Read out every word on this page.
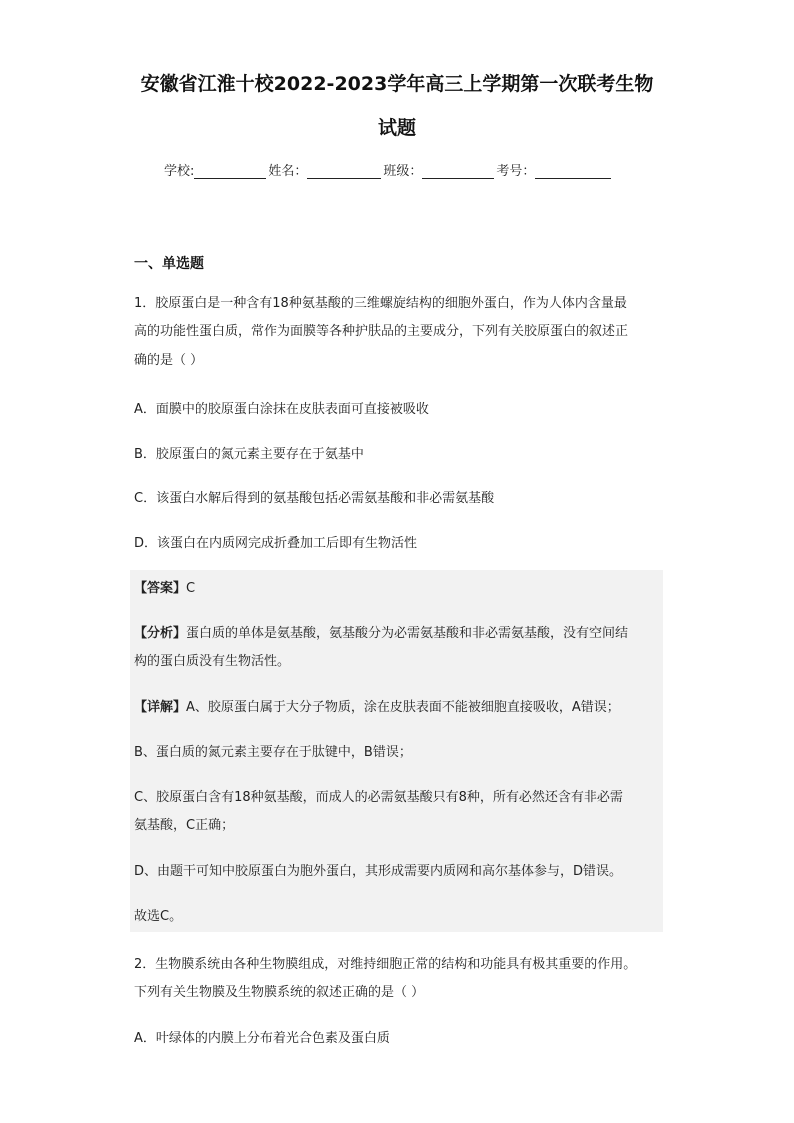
安徽省江淮十校2022-2023学年高三上学期第一次联考生物
试题
学校:	姓名：	班级：	考号：
一、单选题
1．胶原蛋白是一种含有18种氨基酸的三维螺旋结构的细胞外蛋白，作为人体内含量最
高的功能性蛋白质，常作为面膜等各种护肤品的主要成分，下列有关胶原蛋白的叙述正
确的是（ ）
A．面膜中的胶原蛋白涂抹在皮肤表面可直接被吸收
B．胶原蛋白的氮元素主要存在于氨基中
C．该蛋白水解后得到的氨基酸包括必需氨基酸和非必需氨基酸
D．该蛋白在内质网完成折叠加工后即有生物活性
【答案】C
【分析】蛋白质的单体是氨基酸，氨基酸分为必需氨基酸和非必需氨基酸，没有空间结
构的蛋白质没有生物活性。
【详解】A、胶原蛋白属于大分子物质，涂在皮肤表面不能被细胞直接吸收，A错误；
B、蛋白质的氮元素主要存在于肽键中，B错误；
C、胶原蛋白含有18种氨基酸，而成人的必需氨基酸只有8种，所有必然还含有非必需
氨基酸，C正确；
D、由题干可知中胶原蛋白为胞外蛋白，其形成需要内质网和高尔基体参与，D错误。
故选C。
2．生物膜系统由各种生物膜组成，对维持细胞正常的结构和功能具有极其重要的作用。
下列有关生物膜及生物膜系统的叙述正确的是（ ）
A．叶绿体的内膜上分布着光合色素及蛋白质
